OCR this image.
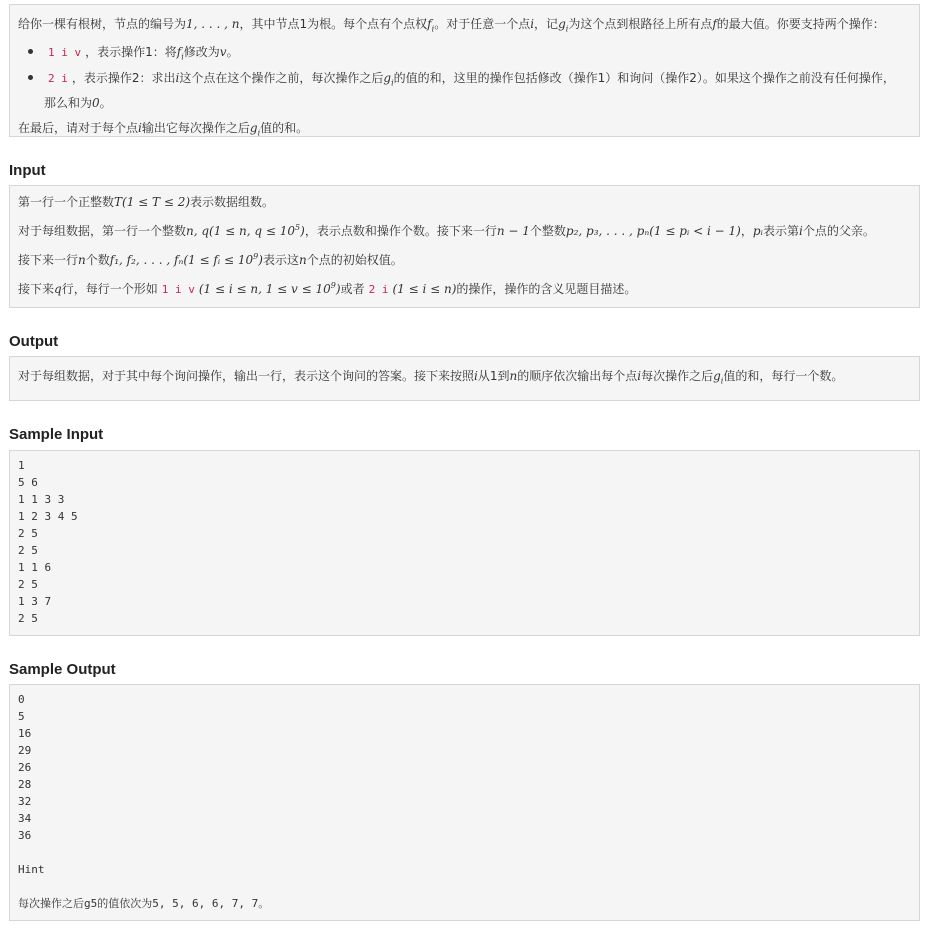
给你一棵有根树，节点的编号为1, . . . , n，其中节点1为根。每个点有个点权$f_i$。对于任意一个点i，记$g_i$为这个点到根路径上所有点f的最大值。你要支持两个操作：
1 i v ，表示操作1：将$f_i$修改为v。
2 i ，表示操作2：求出i这个点在这个操作之前，每次操作之后$g_i$的值的和，这里的操作包括修改（操作1）和询问（操作2）。如果这个操作之前没有任何操作，
那么和为0。
在最后，请对于每个点i输出它每次操作之后$g_i$值的和。
Input
第一行一个正整数T(1 ≤ T ≤ 2)表示数据组数。
对于每组数据，第一行一个整数n, q(1 ≤ n, $q \le 10^5$)，表示点数和操作个数。接下来一行n − 1个整数p₂, p₃, . . . , pₙ(1 ≤ pᵢ < i − 1)，pᵢ表示第i个点的父亲。
接下来一行n个数f₁, f₂, . . . , fₙ(1 ≤ fᵢ ≤ $10^9$)表示这n个点的初始权值。
接下来q行，每行一个形如 1 i v (1 ≤ i ≤ n, $1 \le v \le 10^9$)或者 2 i (1 ≤ i ≤ n)的操作，操作的含义见题目描述。
Output
对于每组数据，对于其中每个询问操作，输出一行，表示这个询问的答案。接下来按照i从1到n的顺序依次输出每个点i每次操作之后$g_i$值的和，每行一个数。
Sample Input
1
5 6
1 1 3 3
1 2 3 4 5
2 5
2 5
1 1 6
2 5
1 3 7
2 5
Sample Output
0
5
16
29
26
28
32
34
36

Hint

每次操作之后g5的值依次为5, 5, 6, 6, 7, 7。
